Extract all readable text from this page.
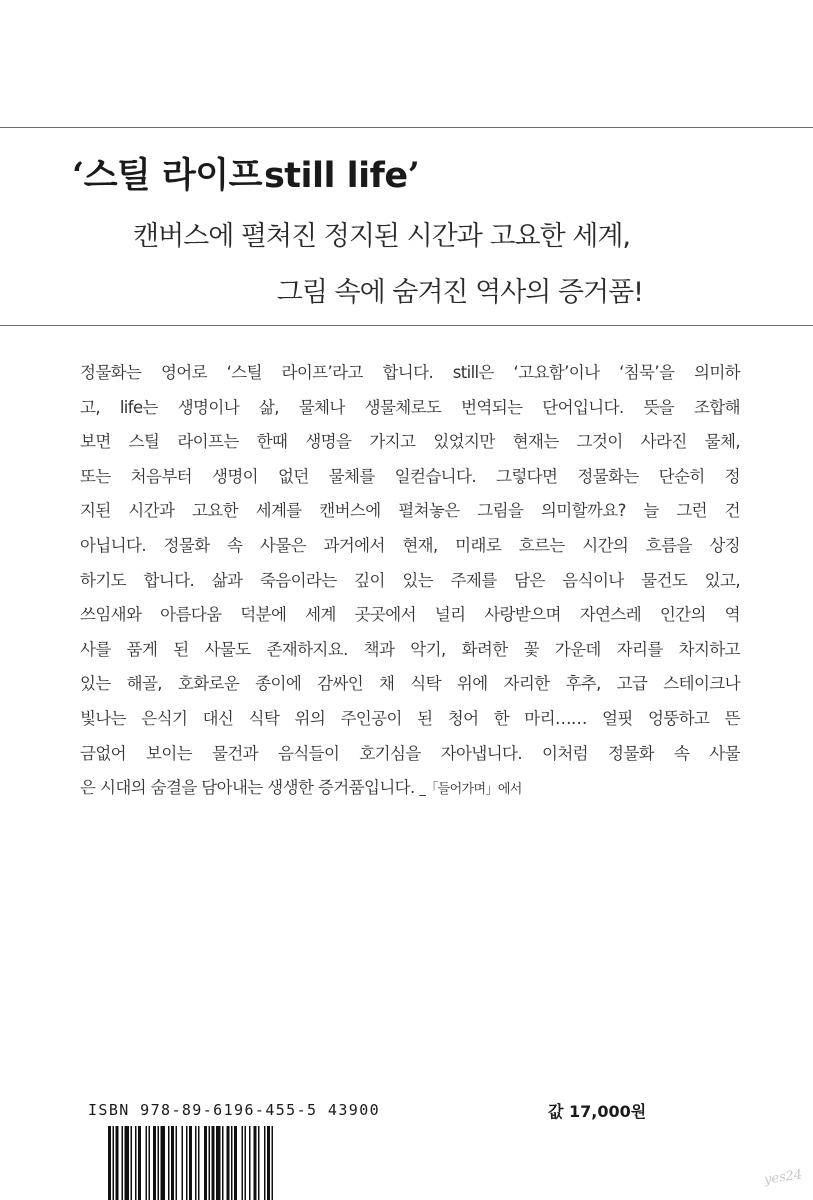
‘스틸 라이프still life’
캔버스에 펼쳐진 정지된 시간과 고요한 세계,
그림 속에 숨겨진 역사의 증거품!
정물화는 영어로 ‘스틸 라이프’라고 합니다. still은 ‘고요함’이나 ‘침묵’을 의미하
고, life는 생명이나 삶, 물체나 생물체로도 번역되는 단어입니다. 뜻을 조합해
보면 스틸 라이프는 한때 생명을 가지고 있었지만 현재는 그것이 사라진 물체,
또는 처음부터 생명이 없던 물체를 일컫습니다. 그렇다면 정물화는 단순히 정
지된 시간과 고요한 세계를 캔버스에 펼쳐놓은 그림을 의미할까요? 늘 그런 건
아닙니다. 정물화 속 사물은 과거에서 현재, 미래로 흐르는 시간의 흐름을 상징
하기도 합니다. 삶과 죽음이라는 깊이 있는 주제를 담은 음식이나 물건도 있고,
쓰임새와 아름다움 덕분에 세계 곳곳에서 널리 사랑받으며 자연스레 인간의 역
사를 품게 된 사물도 존재하지요. 책과 악기, 화려한 꽃 가운데 자리를 차지하고
있는 해골, 호화로운 종이에 감싸인 채 식탁 위에 자리한 후추, 고급 스테이크나
빛나는 은식기 대신 식탁 위의 주인공이 된 청어 한 마리…… 얼핏 엉뚱하고 뜬
금없어 보이는 물건과 음식들이 호기심을 자아냅니다. 이처럼 정물화 속 사물
은 시대의 숨결을 담아내는 생생한 증거품입니다. _「들어가며」에서
ISBN 978-89-6196-455-5 43900	값 17,000원
yes24
